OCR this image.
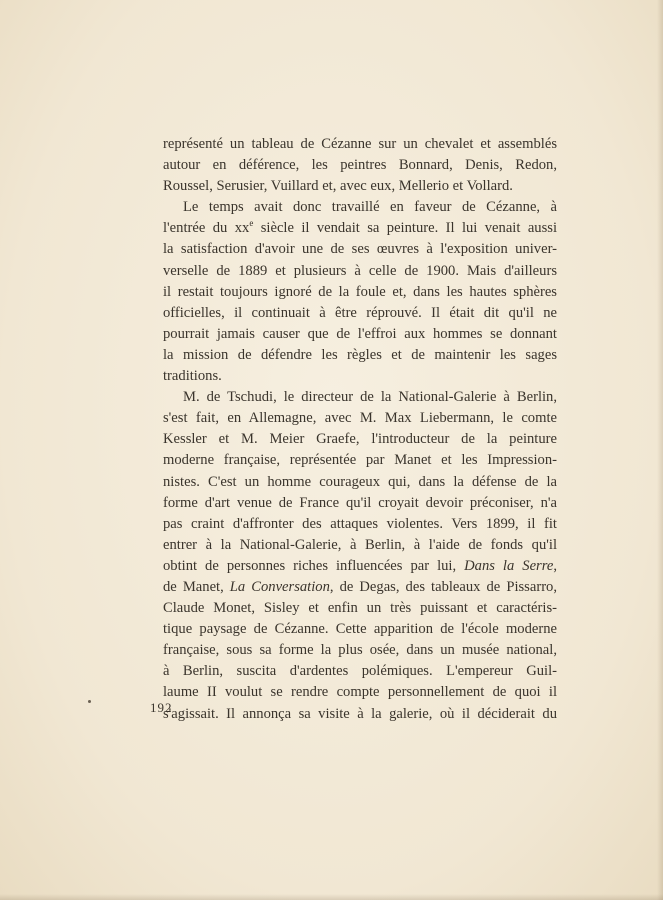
représenté un tableau de Cézanne sur un chevalet et assemblés
autour en déférence, les peintres Bonnard, Denis, Redon,
Roussel, Serusier, Vuillard et, avec eux, Mellerio et Vollard.
Le temps avait donc travaillé en faveur de Cézanne, à
l'entrée du $xx^e$ siècle il vendait sa peinture. Il lui venait aussi
la satisfaction d'avoir une de ses œuvres à l'exposition univer-
verselle de 1889 et plusieurs à celle de 1900. Mais d'ailleurs
il restait toujours ignoré de la foule et, dans les hautes sphères
officielles, il continuait à être réprouvé. Il était dit qu'il ne
pourrait jamais causer que de l'effroi aux hommes se donnant
la mission de défendre les règles et de maintenir les sages
traditions.
M. de Tschudi, le directeur de la National-Galerie à Berlin,
s'est fait, en Allemagne, avec M. Max Liebermann, le comte
Kessler et M. Meier Graefe, l'introducteur de la peinture
moderne française, représentée par Manet et les Impression-
nistes. C'est un homme courageux qui, dans la défense de la
forme d'art venue de France qu'il croyait devoir préconiser, n'a
pas craint d'affronter des attaques violentes. Vers 1899, il fit
entrer à la National-Galerie, à Berlin, à l'aide de fonds qu'il
obtint de personnes riches influencées par lui, Dans la Serre,
de Manet, La Conversation, de Degas, des tableaux de Pissarro,
Claude Monet, Sisley et enfin un très puissant et caractéris-
tique paysage de Cézanne. Cette apparition de l'école moderne
française, sous sa forme la plus osée, dans un musée national,
à Berlin, suscita d'ardentes polémiques. L'empereur Guil-
laume II voulut se rendre compte personnellement de quoi il
s'agissait. Il annonça sa visite à la galerie, où il déciderait du
192
